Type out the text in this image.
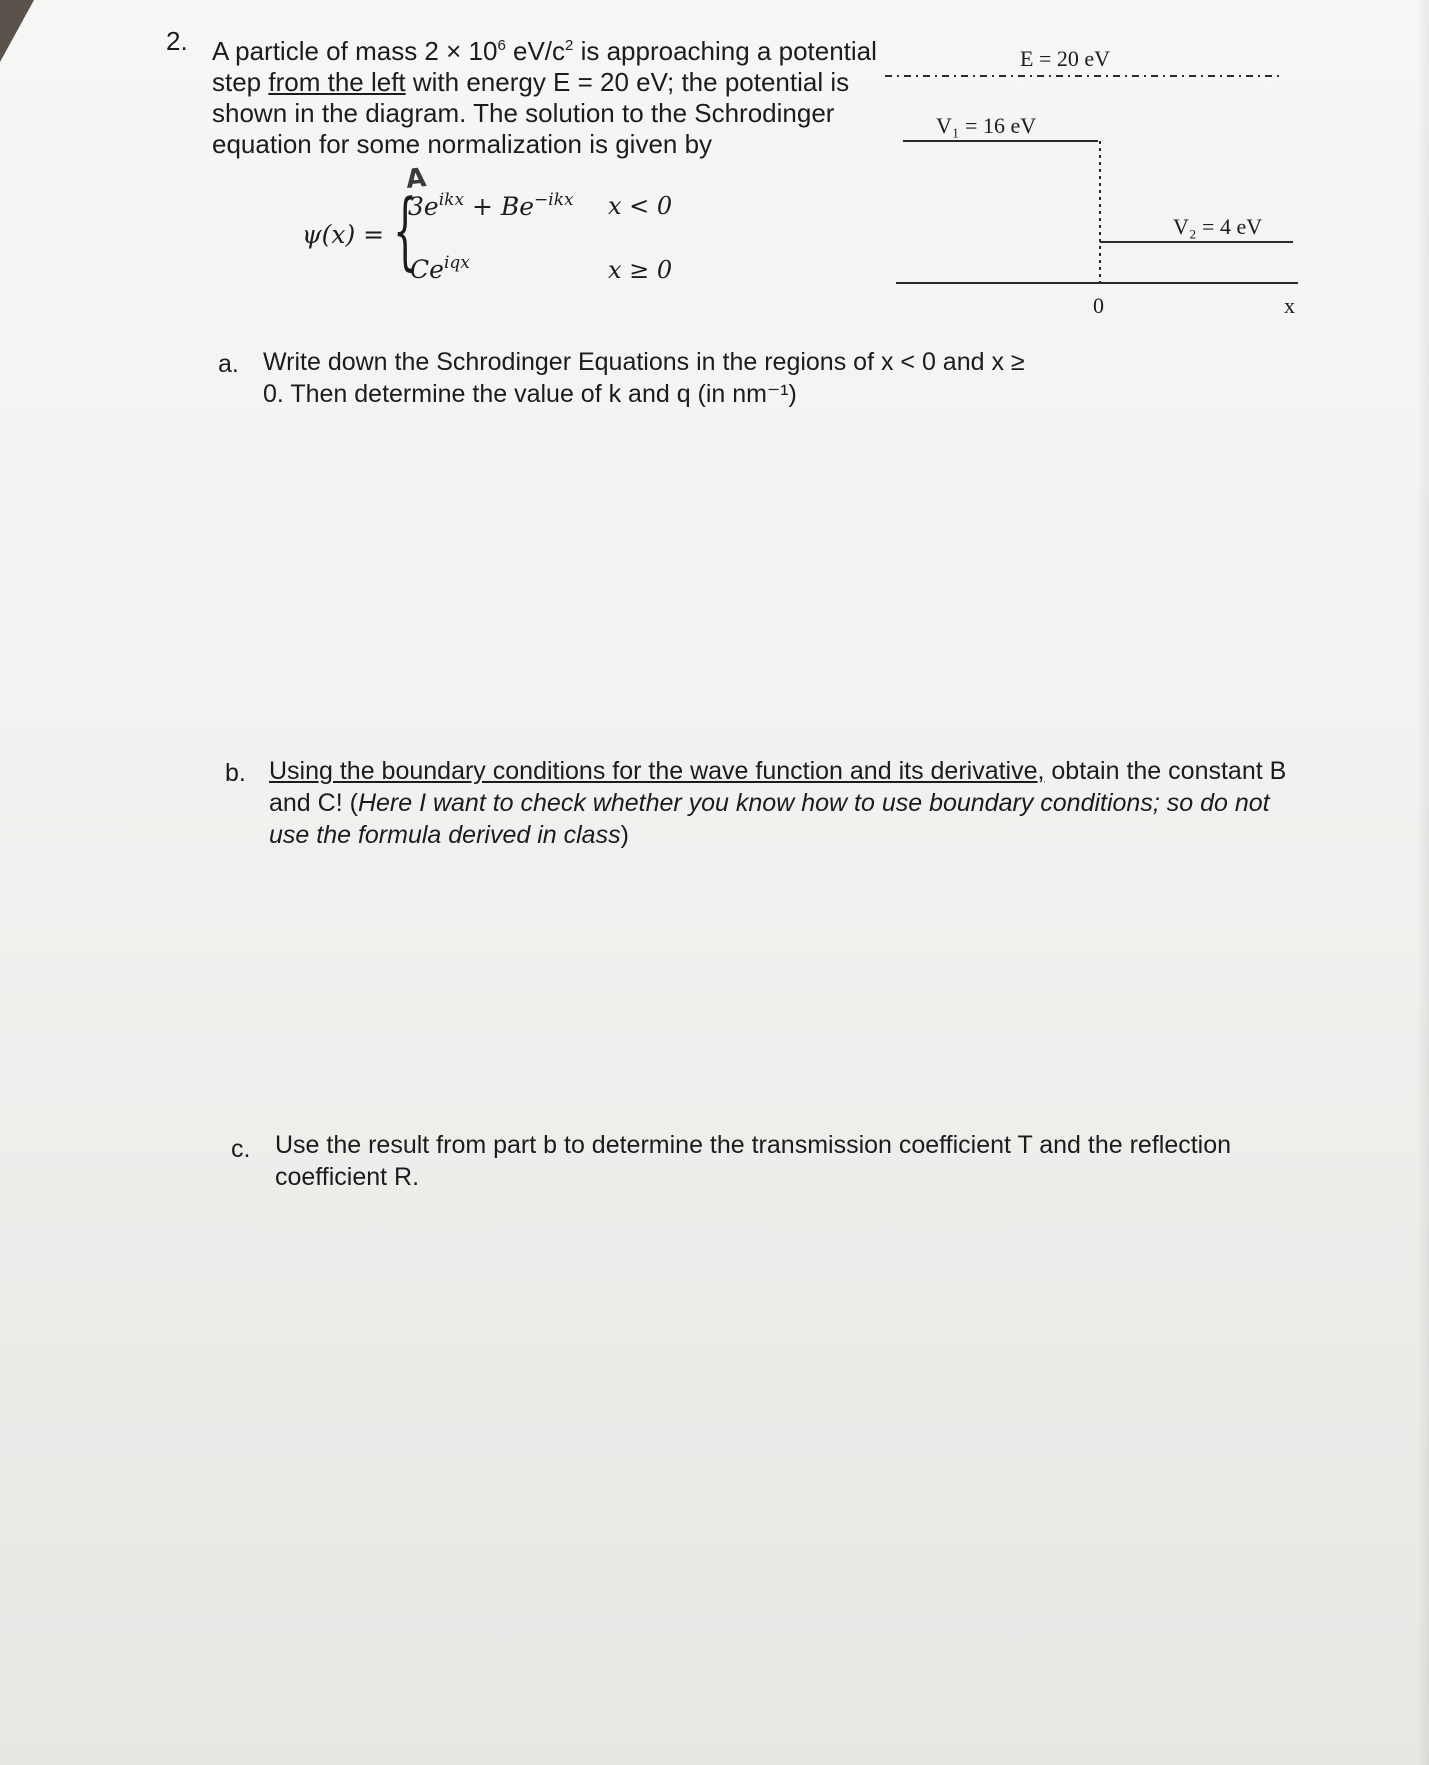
2. A particle of mass $2 \times 10^6$ $eV/c^2$ is approaching a potential step from the left with energy E = 20 eV; the potential is shown in the diagram. The solution to the Schrodinger equation for some normalization is given by
A
ψ(x) = {
$3e^{ikx} + Be^{-ikx}$ x < 0
$Ce^{iqx}$	x ≥ 0
E = 20 eV
V₁ = 16 eV
V₂ = 4 eV
0	x
a. Write down the Schrodinger Equations in the regions of x < 0 and x ≥ 0. Then determine the value of k and q (in nm⁻¹)
b. Using the boundary conditions for the wave function and its derivative, obtain the constant B and C! (Here I want to check whether you know how to use boundary conditions; so do not use the formula derived in class)
c. Use the result from part b to determine the transmission coefficient T and the reflection coefficient R.
